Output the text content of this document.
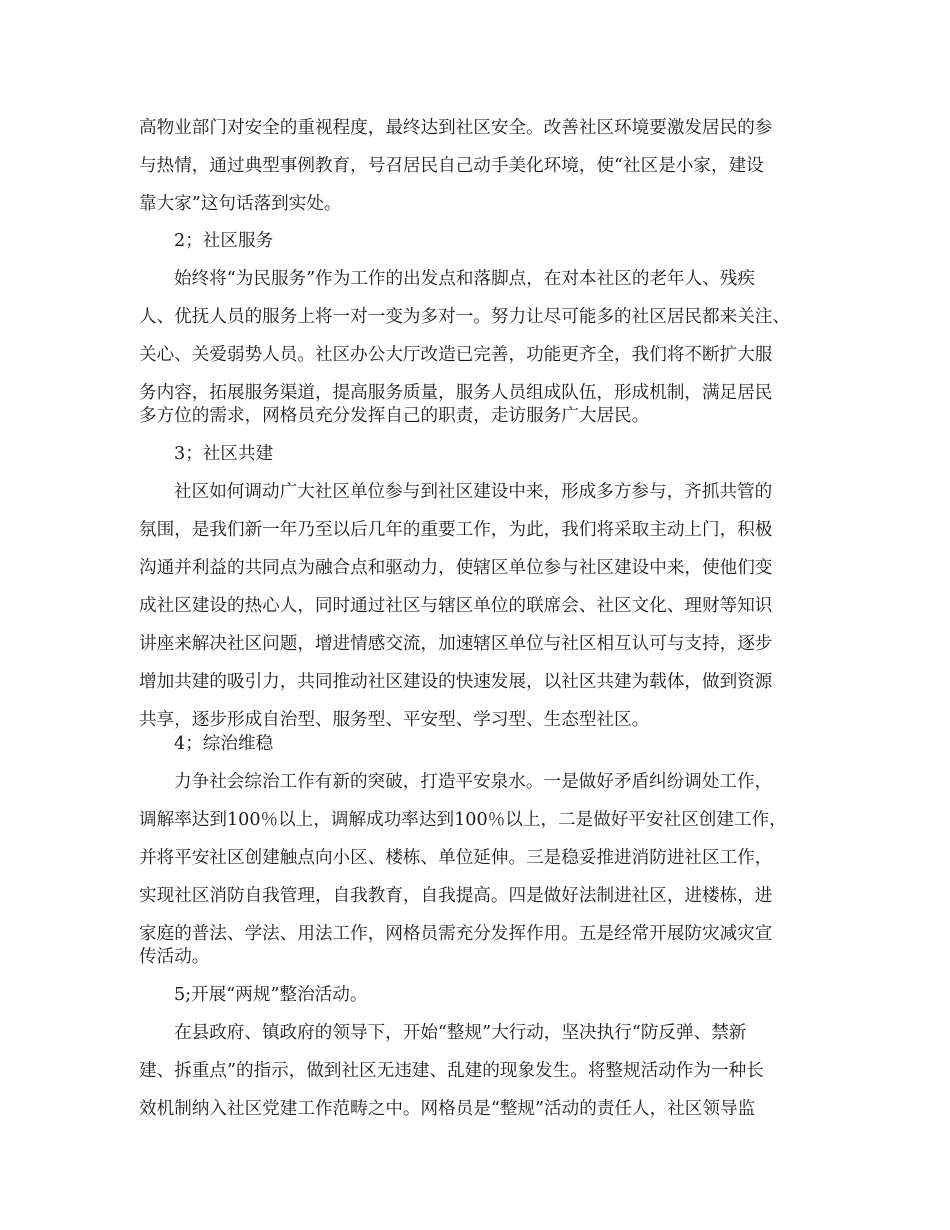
高物业部门对安全的重视程度，最终达到社区安全。改善社区环境要激发居民的参
与热情，通过典型事例教育，号召居民自己动手美化环境，使“社区是小家，建设
靠大家”这句话落到实处。
2；社区服务
始终将“为民服务”作为工作的出发点和落脚点，在对本社区的老年人、残疾
人、优抚人员的服务上将一对一变为多对一。努力让尽可能多的社区居民都来关注、
关心、关爱弱势人员。社区办公大厅改造已完善，功能更齐全，我们将不断扩大服
务内容，拓展服务渠道，提高服务质量，服务人员组成队伍，形成机制，满足居民
多方位的需求，网格员充分发挥自己的职责，走访服务广大居民。
3；社区共建
社区如何调动广大社区单位参与到社区建设中来，形成多方参与，齐抓共管的
氛围，是我们新一年乃至以后几年的重要工作，为此，我们将采取主动上门，积极
沟通并利益的共同点为融合点和驱动力，使辖区单位参与社区建设中来，使他们变
成社区建设的热心人，同时通过社区与辖区单位的联席会、社区文化、理财等知识
讲座来解决社区问题，增进情感交流，加速辖区单位与社区相互认可与支持，逐步
增加共建的吸引力，共同推动社区建设的快速发展，以社区共建为载体，做到资源
共享，逐步形成自治型、服务型、平安型、学习型、生态型社区。
4；综治维稳
力争社会综治工作有新的突破，打造平安泉水。一是做好矛盾纠纷调处工作，
调解率达到100％以上，调解成功率达到100％以上，二是做好平安社区创建工作，
并将平安社区创建触点向小区、楼栋、单位延伸。三是稳妥推进消防进社区工作，
实现社区消防自我管理，自我教育，自我提高。四是做好法制进社区，进楼栋，进
家庭的普法、学法、用法工作，网格员需充分发挥作用。五是经常开展防灾减灾宣
传活动。
5;开展“两规”整治活动。
在县政府、镇政府的领导下，开始“整规”大行动，坚决执行“防反弹、禁新
建、拆重点”的指示，做到社区无违建、乱建的现象发生。将整规活动作为一种长
效机制纳入社区党建工作范畴之中。网格员是“整规”活动的责任人，社区领导监
